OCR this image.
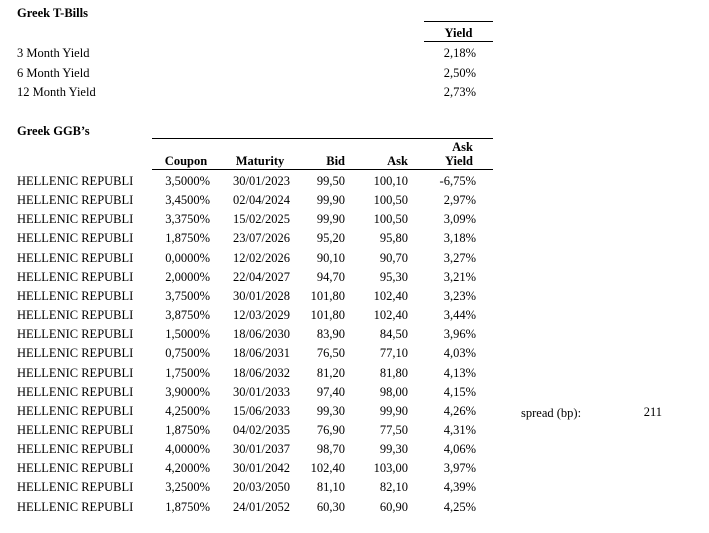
Greek T-Bills
Yield
3 Month Yield	2,18%
6 Month Yield	2,50%
12 Month Yield	2,73%
Greek GGB’s
Coupon	Maturity	Bid	Ask
Ask
Yield
HELLENIC REPUBLI	3,5000%	30/01/2023	99,50	100,10	-6,75%
HELLENIC REPUBLI	3,4500%	02/04/2024	99,90	100,50	2,97%
HELLENIC REPUBLI	3,3750%	15/02/2025	99,90	100,50	3,09%
HELLENIC REPUBLI	1,8750%	23/07/2026	95,20	95,80	3,18%
HELLENIC REPUBLI	0,0000%	12/02/2026	90,10	90,70	3,27%
HELLENIC REPUBLI	2,0000%	22/04/2027	94,70	95,30	3,21%
HELLENIC REPUBLI	3,7500%	30/01/2028	101,80	102,40	3,23%
HELLENIC REPUBLI	3,8750%	12/03/2029	101,80	102,40	3,44%
HELLENIC REPUBLI	1,5000%	18/06/2030	83,90	84,50	3,96%
HELLENIC REPUBLI	0,7500%	18/06/2031	76,50	77,10	4,03%
HELLENIC REPUBLI	1,7500%	18/06/2032	81,20	81,80	4,13%
HELLENIC REPUBLI	3,9000%	30/01/2033	97,40	98,00	4,15%
HELLENIC REPUBLI	4,2500%	15/06/2033	99,30	99,90	4,26%
HELLENIC REPUBLI	1,8750%	04/02/2035	76,90	77,50	4,31%
HELLENIC REPUBLI	4,0000%	30/01/2037	98,70	99,30	4,06%
HELLENIC REPUBLI	4,2000%	30/01/2042	102,40	103,00	3,97%
HELLENIC REPUBLI	3,2500%	20/03/2050	81,10	82,10	4,39%
HELLENIC REPUBLI	1,8750%	24/01/2052	60,30	60,90	4,25%
spread (bp):	211
